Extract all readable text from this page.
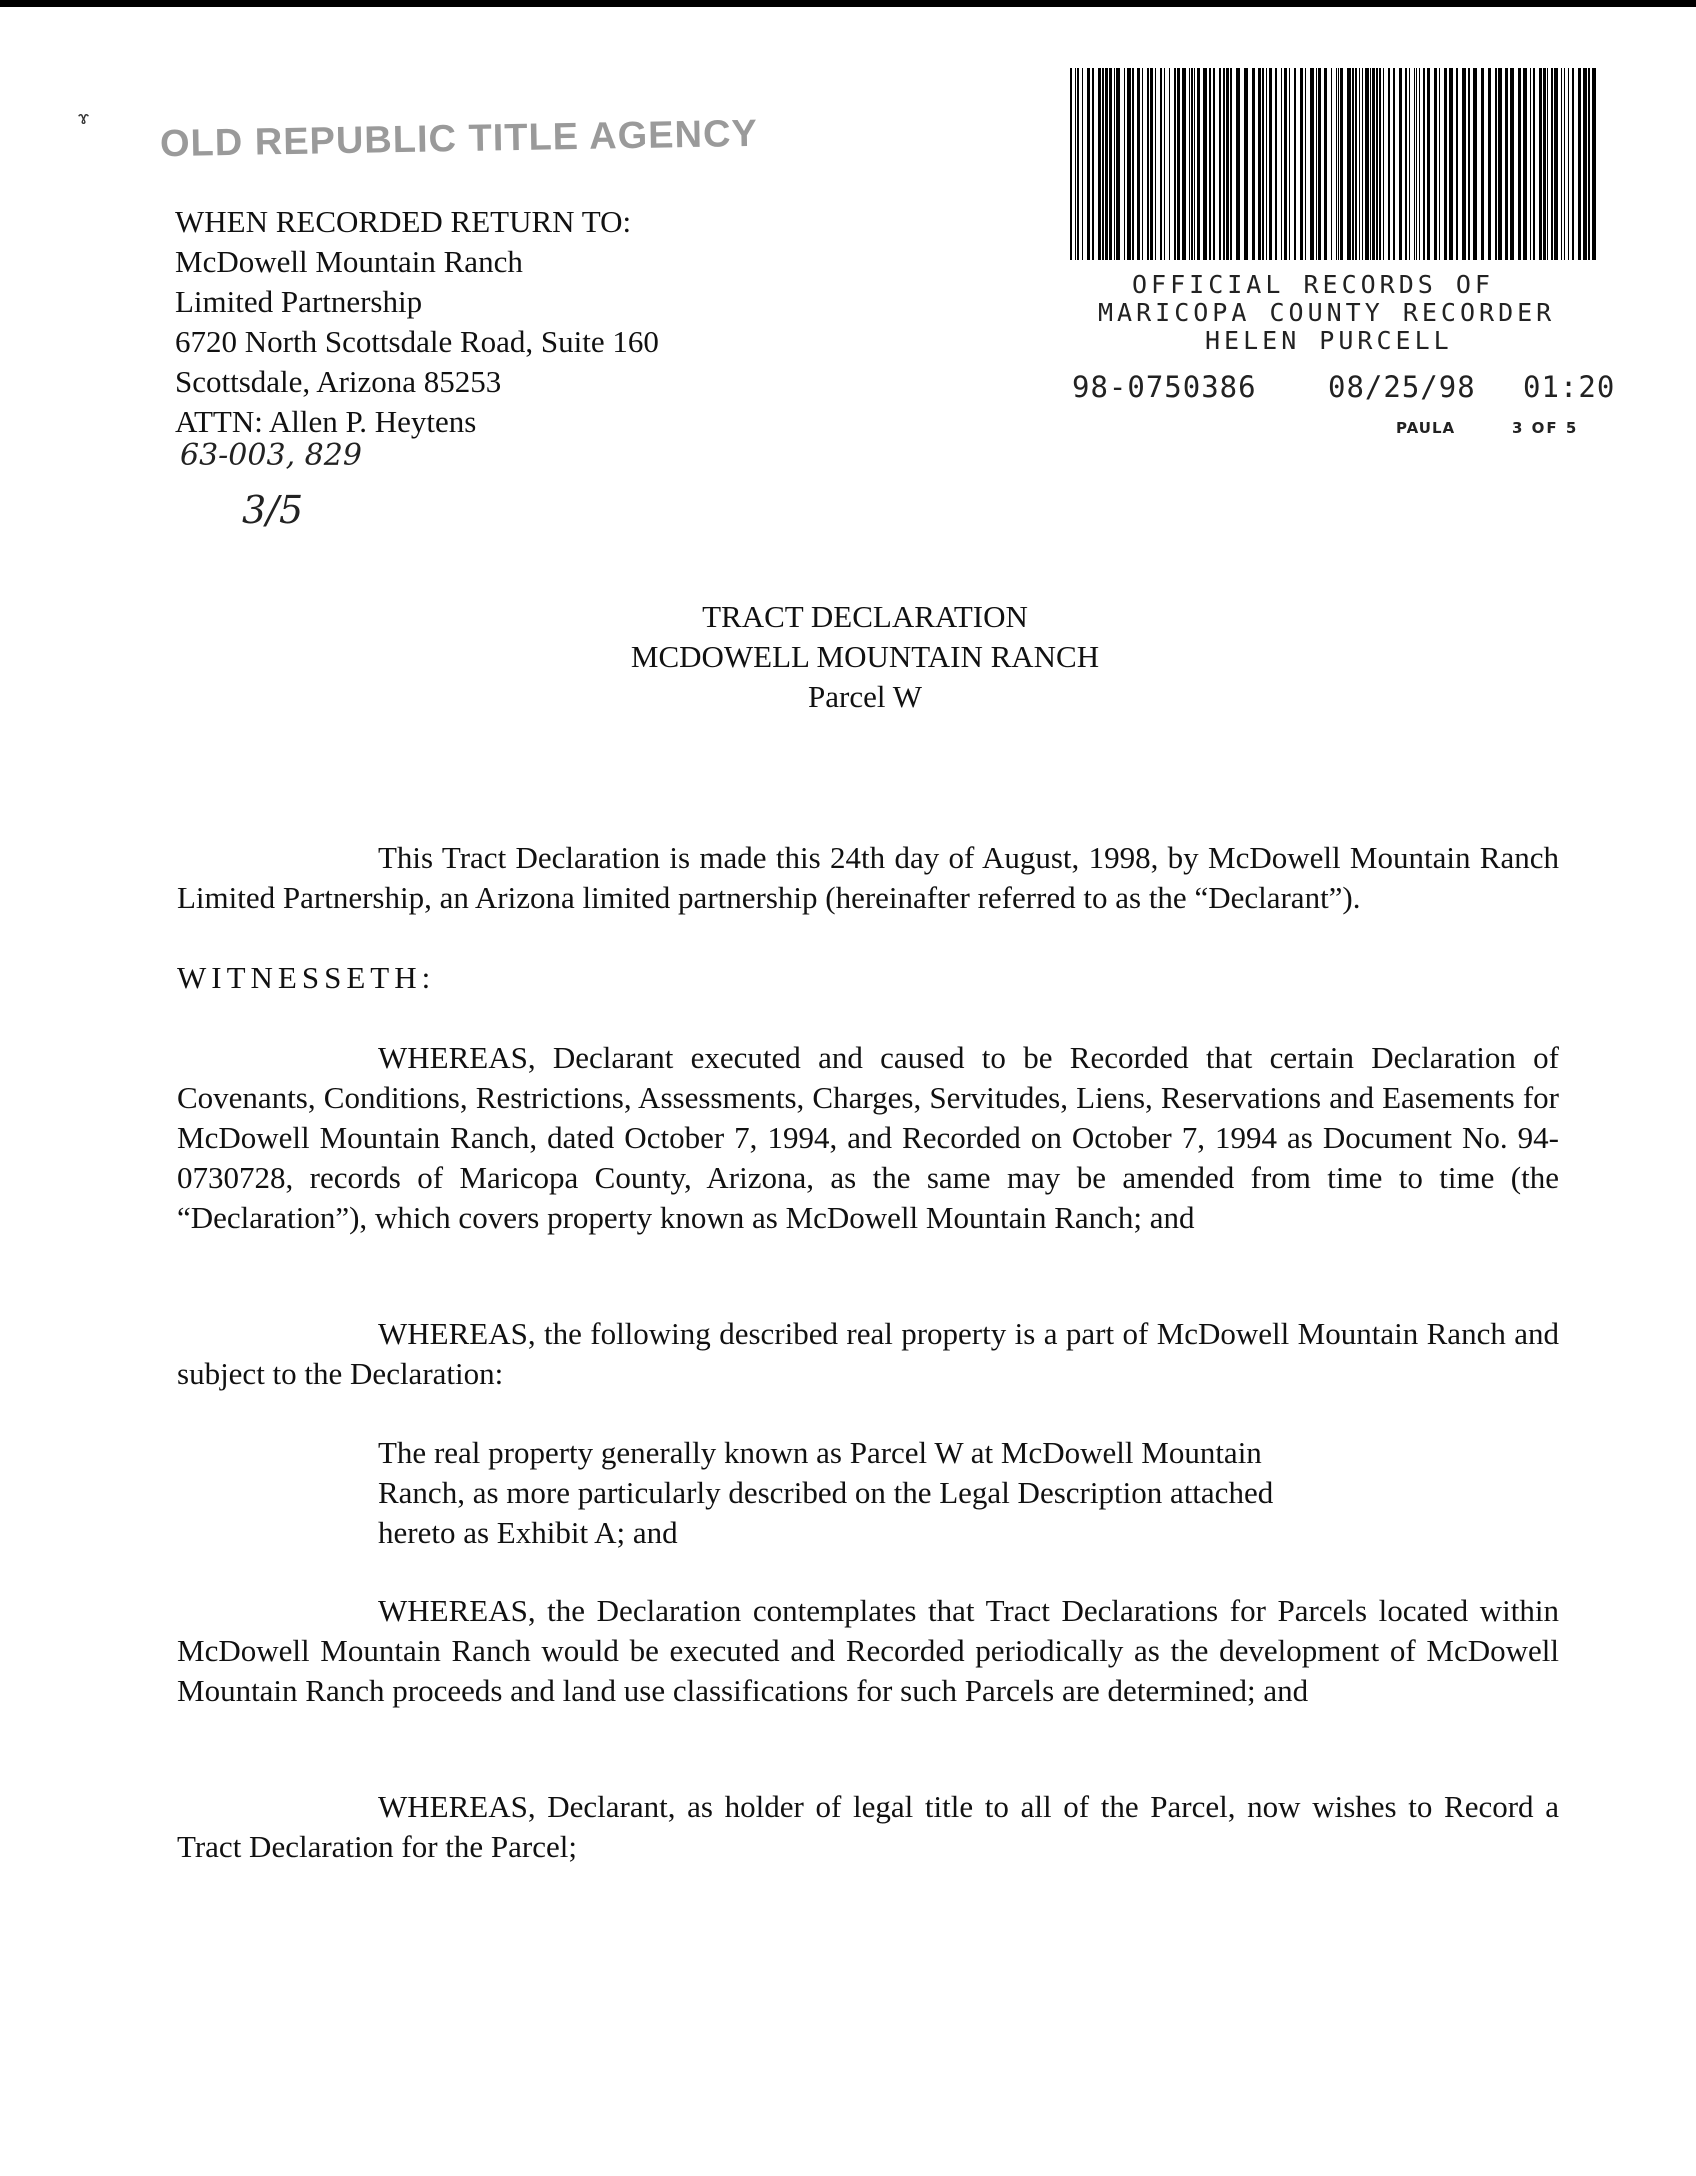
ɤ OLD REPUBLIC TITLE AGENCY
WHEN RECORDED RETURN TO:
McDowell Mountain Ranch
Limited Partnership
6720 North Scottsdale Road, Suite 160
Scottsdale, Arizona 85253
ATTN: Allen P. Heytens
63-003, 829
3/5
OFFICIAL RECORDS OF
MARICOPA COUNTY RECORDER
HELEN PURCELL
98-0750386 08/25/98 01:20
PAULA	3 OF 5
TRACT DECLARATION
MCDOWELL MOUNTAIN RANCH
Parcel W
This Tract Declaration is made this 24th day of August, 1998, by McDowell Mountain Ranch Limited Partnership, an Arizona limited partnership (hereinafter referred to as the “Declarant”).
WITNESSETH:
WHEREAS, Declarant executed and caused to be Recorded that certain Declaration of Covenants, Conditions, Restrictions, Assessments, Charges, Servitudes, Liens, Reservations and Easements for McDowell Mountain Ranch, dated October 7, 1994, and Recorded on October 7, 1994 as Document No. 94-0730728, records of Maricopa County, Arizona, as the same may be amended from time to time (the “Declaration”), which covers property known as McDowell Mountain Ranch; and
WHEREAS, the following described real property is a part of McDowell Mountain Ranch and subject to the Declaration:
The real property generally known as Parcel W at McDowell Mountain
Ranch, as more particularly described on the Legal Description attached
hereto as Exhibit A; and
WHEREAS, the Declaration contemplates that Tract Declarations for Parcels located within McDowell Mountain Ranch would be executed and Recorded periodically as the development of McDowell Mountain Ranch proceeds and land use classifications for such Parcels are determined; and
WHEREAS, Declarant, as holder of legal title to all of the Parcel, now wishes to Record a Tract Declaration for the Parcel;
